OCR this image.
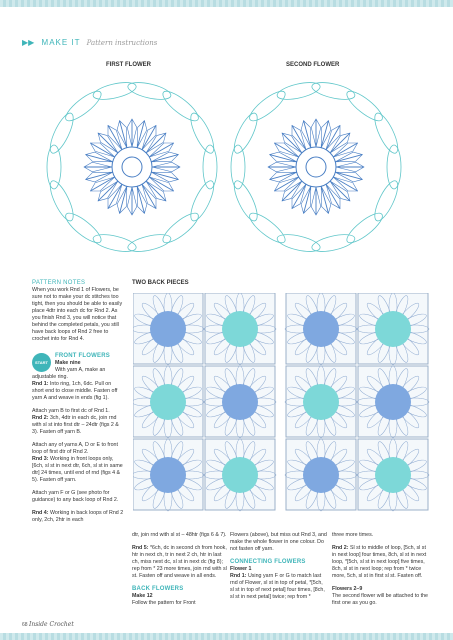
▶▶ MAKE IT Pattern instructions
FIRST FLOWER	SECOND FLOWER

PATTERN NOTES

When you work Rnd 1 of Flowers, be sure not to make your dc stitches too tight, then you should be able to easily place 4dtr into each dc for Rnd 2. As you finish Rnd 3, you will notice that behind the completed petals, you still have back loops of Rnd 2 free to crochet into for Rnd 4.

START
FRONT FLOWERS
Make nine

With yarn A, make an adjustable ring.

Rnd 1: Into ring, 1ch, 6dc. Pull on short end to close middle. Fasten off yarn A and weave in ends (fig 1).

Attach yarn B to first dc of Rnd 1.

Rnd 2: 3ch, 4dtr in each dc, join rnd with sl st into first dtr – 24dtr (figs 2 & 3). Fasten off yarn B.

Attach any of yarns A, D or E to front loop of first dtr of Rnd 2.

Rnd 3: Working in front loops only, [6ch, sl st in next dtr, 6ch, sl st in same dtr] 24 times, until end of rnd (figs 4 & 5). Fasten off yarn.

Attach yarn F or G (see photo for guidance) to any back loop of Rnd 2.

Rnd 4: Working in back loops of Rnd 2 only, 2ch, 2htr in each

TWO BACK PIECES

dtr, join rnd with sl st – 48htr (figs 6 & 7).

Rnd 5: *6ch, dc in second ch from hook, htr in next ch, tr in next 2 ch, htr in last ch, miss next dc, sl st in next dc (fig 8); rep from * 23 more times, join rnd with sl st. Fasten off and weave in all ends.

BACK FLOWERS
Make 12

Follow the pattern for Front

Flowers (above), but miss out Rnd 3, and make the whole flower in one colour. Do not fasten off yarn.

CONNECTING FLOWERS
Flower 1

Rnd 1: Using yarn F or G to match last rnd of Flower, sl st in top of petal, *[5ch, sl st in top of next petal] four times, [8ch, sl st in next petal] twice; rep from *

three more times.

Rnd 2: Sl st to middle of loop, [5ch, sl st in next loop] four times, 8ch, sl st in next loop, *[5ch, sl st in next loop] five times, 8ch, sl st in next loop; rep from * twice more, 5ch, sl st in first sl st. Fasten off.

Flowers 2–9

The second flower will be attached to the first one as you go.

68 Inside Crochet
